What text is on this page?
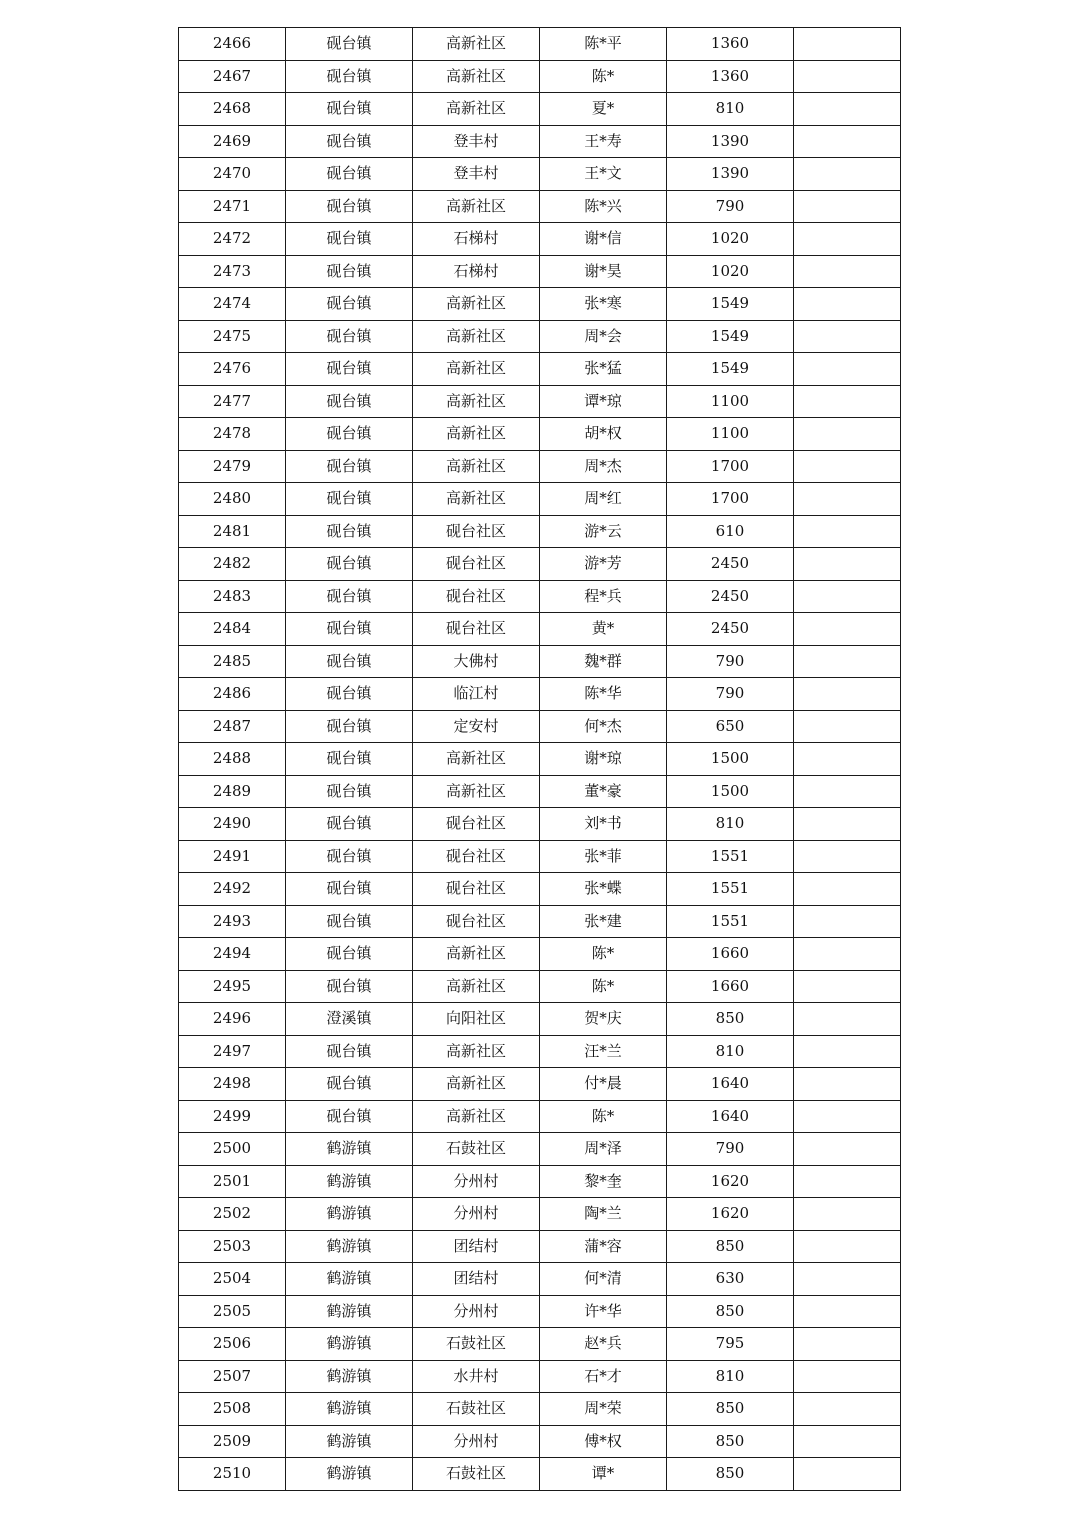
2466	砚台镇	高新社区	陈*平	1360	
2467	砚台镇	高新社区	陈*	1360	
2468	砚台镇	高新社区	夏*	810	
2469	砚台镇	登丰村	王*寿	1390	
2470	砚台镇	登丰村	王*文	1390	
2471	砚台镇	高新社区	陈*兴	790	
2472	砚台镇	石梯村	谢*信	1020	
2473	砚台镇	石梯村	谢*昊	1020	
2474	砚台镇	高新社区	张*寒	1549	
2475	砚台镇	高新社区	周*会	1549	
2476	砚台镇	高新社区	张*猛	1549	
2477	砚台镇	高新社区	谭*琼	1100	
2478	砚台镇	高新社区	胡*权	1100	
2479	砚台镇	高新社区	周*杰	1700	
2480	砚台镇	高新社区	周*红	1700	
2481	砚台镇	砚台社区	游*云	610	
2482	砚台镇	砚台社区	游*芳	2450	
2483	砚台镇	砚台社区	程*兵	2450	
2484	砚台镇	砚台社区	黄*	2450	
2485	砚台镇	大佛村	魏*群	790	
2486	砚台镇	临江村	陈*华	790	
2487	砚台镇	定安村	何*杰	650	
2488	砚台镇	高新社区	谢*琼	1500	
2489	砚台镇	高新社区	董*豪	1500	
2490	砚台镇	砚台社区	刘*书	810	
2491	砚台镇	砚台社区	张*菲	1551	
2492	砚台镇	砚台社区	张*蝶	1551	
2493	砚台镇	砚台社区	张*建	1551	
2494	砚台镇	高新社区	陈*	1660	
2495	砚台镇	高新社区	陈*	1660	
2496	澄溪镇	向阳社区	贺*庆	850	
2497	砚台镇	高新社区	汪*兰	810	
2498	砚台镇	高新社区	付*晨	1640	
2499	砚台镇	高新社区	陈*	1640	
2500	鹤游镇	石鼓社区	周*泽	790	
2501	鹤游镇	分州村	黎*奎	1620	
2502	鹤游镇	分州村	陶*兰	1620	
2503	鹤游镇	团结村	蒲*容	850	
2504	鹤游镇	团结村	何*清	630	
2505	鹤游镇	分州村	许*华	850	
2506	鹤游镇	石鼓社区	赵*兵	795	
2507	鹤游镇	水井村	石*才	810	
2508	鹤游镇	石鼓社区	周*荣	850	
2509	鹤游镇	分州村	傅*权	850	
2510	鹤游镇	石鼓社区	谭*	850	
